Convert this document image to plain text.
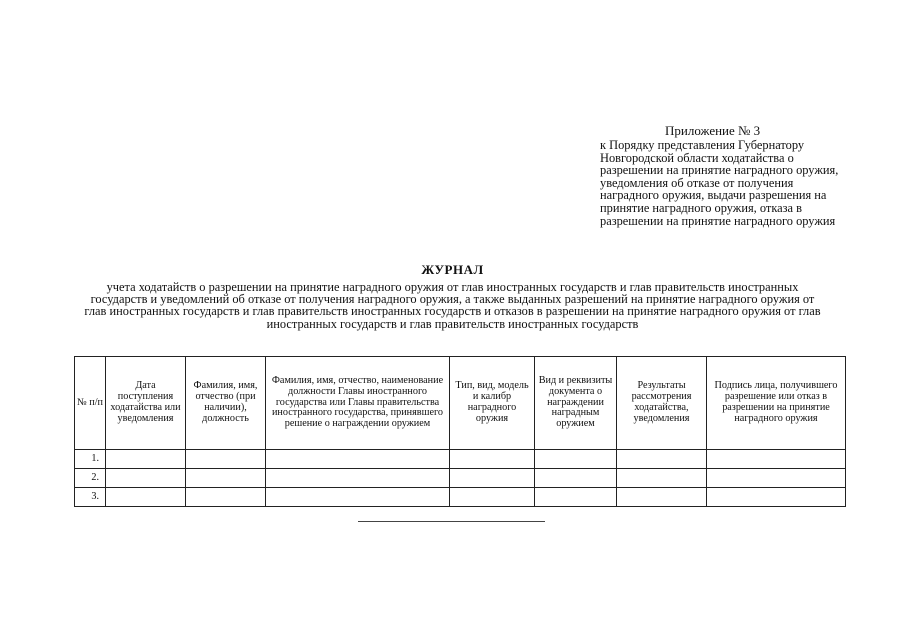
Приложение № 3
к Порядку представления Губернатору Новгородской области ходатайства о разрешении на принятие наградного оружия, уведомления об отказе от получения наградного оружия, выдачи разрешения на принятие наградного оружия, отказа в разрешении на принятие наградного оружия
ЖУРНАЛ
учета ходатайств о разрешении на принятие наградного оружия от глав иностранных государств и глав правительств иностранных государств и уведомлений об отказе от получения наградного оружия, а также выданных разрешений на принятие наградного оружия от глав иностранных государств и глав правительств иностранных государств и отказов в разрешении на принятие наградного оружия от глав иностранных государств и глав правительств иностранных государств
№ п/п	Дата поступления ходатайства или уведомления	Фамилия, имя, отчество (при наличии), должность	Фамилия, имя, отчество, наименование должности Главы иностранного государства или Главы правительства иностранного государства, принявшего решение о награждении оружием	Тип, вид, модель и калибр наградного оружия	Вид и реквизиты документа о награждении наградным оружием	Результаты рассмотрения ходатайства, уведомления	Подпись лица, получившего разрешение или отказ в разрешении на принятие наградного оружия
1.							
2.							
3.							
